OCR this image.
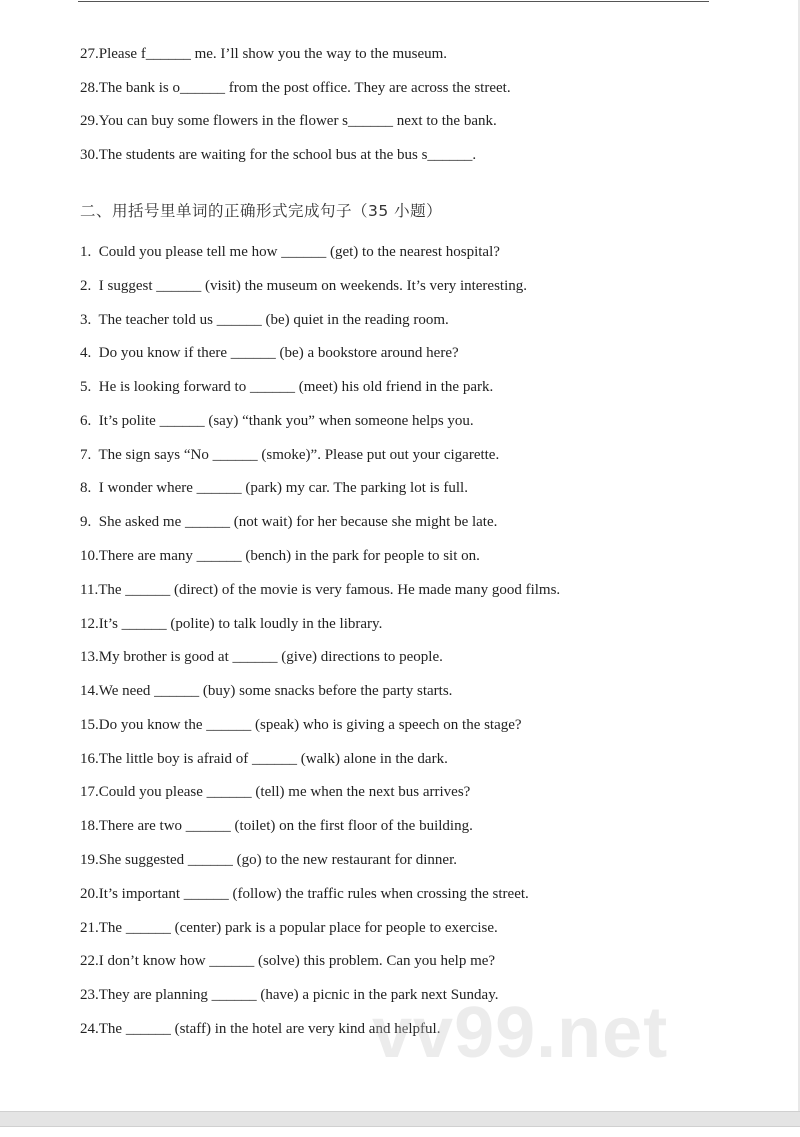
27.Please f______ me. I’ll show you the way to the museum.
28.The bank is o______ from the post office. They are across the street.
29.You can buy some flowers in the flower s______ next to the bank.
30.The students are waiting for the school bus at the bus s______.
二、用括号里单词的正确形式完成句子（35 小题）
1.  Could you please tell me how ______ (get) to the nearest hospital?
2.  I suggest ______ (visit) the museum on weekends. It’s very interesting.
3.  The teacher told us ______ (be) quiet in the reading room.
4.  Do you know if there ______ (be) a bookstore around here?
5.  He is looking forward to ______ (meet) his old friend in the park.
6.  It’s polite ______ (say) “thank you” when someone helps you.
7.  The sign says “No ______ (smoke)”. Please put out your cigarette.
8.  I wonder where ______ (park) my car. The parking lot is full.
9.  She asked me ______ (not wait) for her because she might be late.
10.There are many ______ (bench) in the park for people to sit on.
11.The ______ (direct) of the movie is very famous. He made many good films.
12.It’s ______ (polite) to talk loudly in the library.
13.My brother is good at ______ (give) directions to people.
14.We need ______ (buy) some snacks before the party starts.
15.Do you know the ______ (speak) who is giving a speech on the stage?
16.The little boy is afraid of ______ (walk) alone in the dark.
17.Could you please ______ (tell) me when the next bus arrives?
18.There are two ______ (toilet) on the first floor of the building.
19.She suggested ______ (go) to the new restaurant for dinner.
20.It’s important ______ (follow) the traffic rules when crossing the street.
21.The ______ (center) park is a popular place for people to exercise.
22.I don’t know how ______ (solve) this problem. Can you help me?
23.They are planning ______ (have) a picnic in the park next Sunday.
24.The ______ (staff) in the hotel are very kind and helpful.
vv99.net
